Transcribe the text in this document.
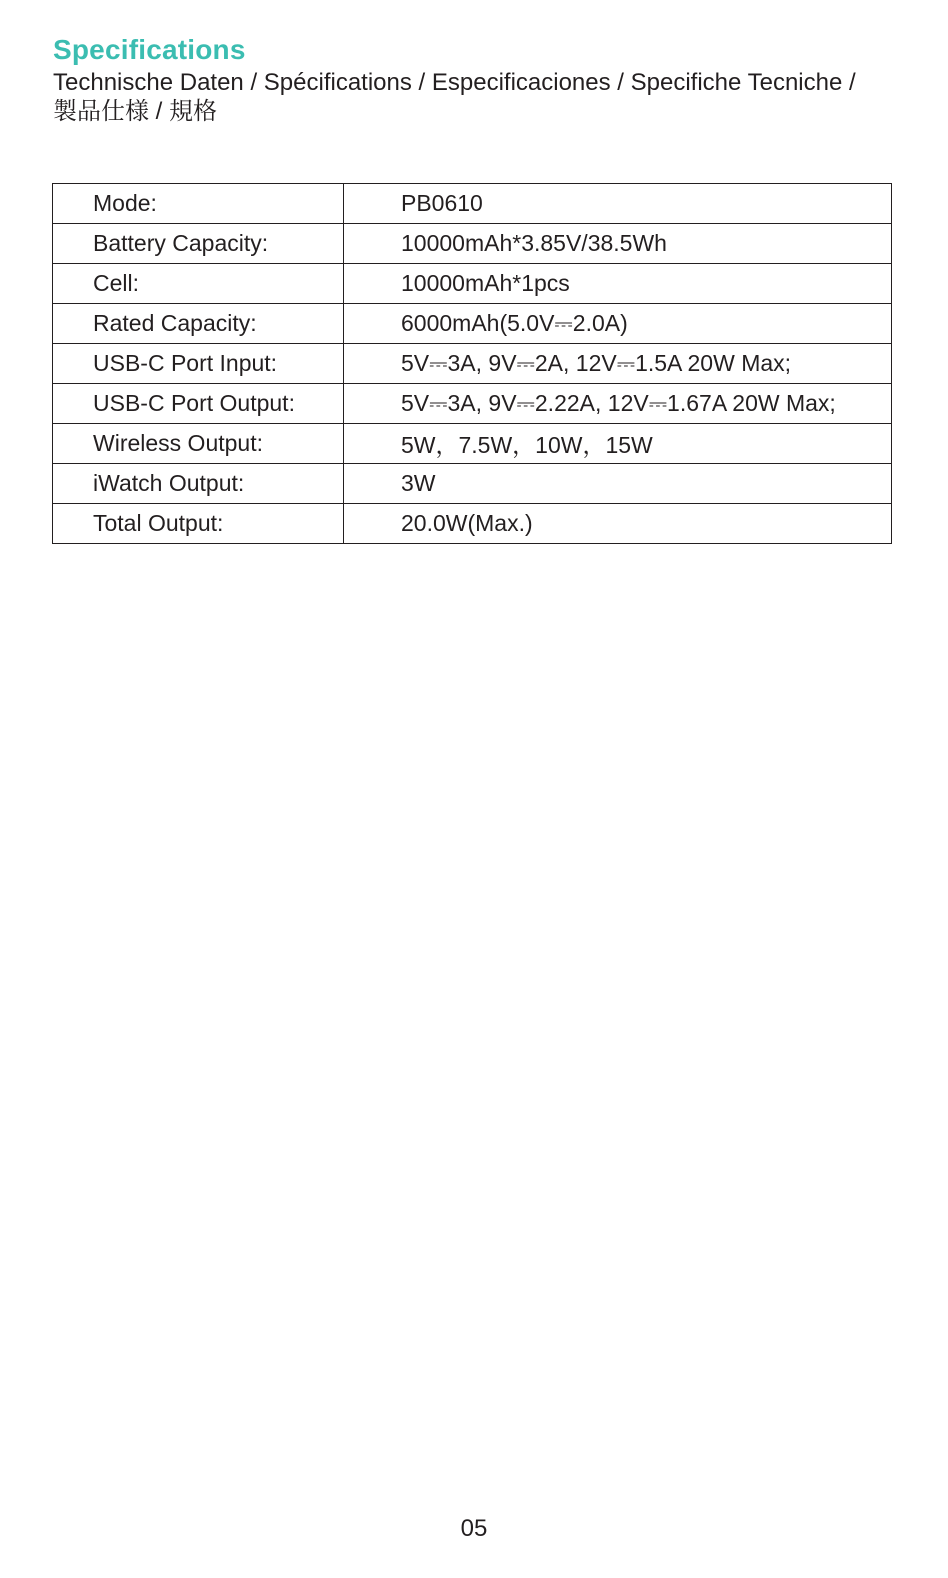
Specifications
Technische Daten / Spécifications / Especificaciones / Specifiche Tecniche / 製品仕様 / 規格
Mode:	PB0610
Battery Capacity:	10000mAh*3.85V/38.5Wh
Cell:	10000mAh*1pcs
Rated Capacity:	6000mAh(5.0V⎓2.0A)
USB-C Port Input:	5V⎓3A, 9V⎓2A, 12V⎓1.5A 20W Max;
USB-C Port Output:	5V⎓3A, 9V⎓2.22A, 12V⎓1.67A 20W Max;
Wireless Output:	5W，7.5W，10W，15W
iWatch Output:	3W
Total Output:	20.0W(Max.)
05
